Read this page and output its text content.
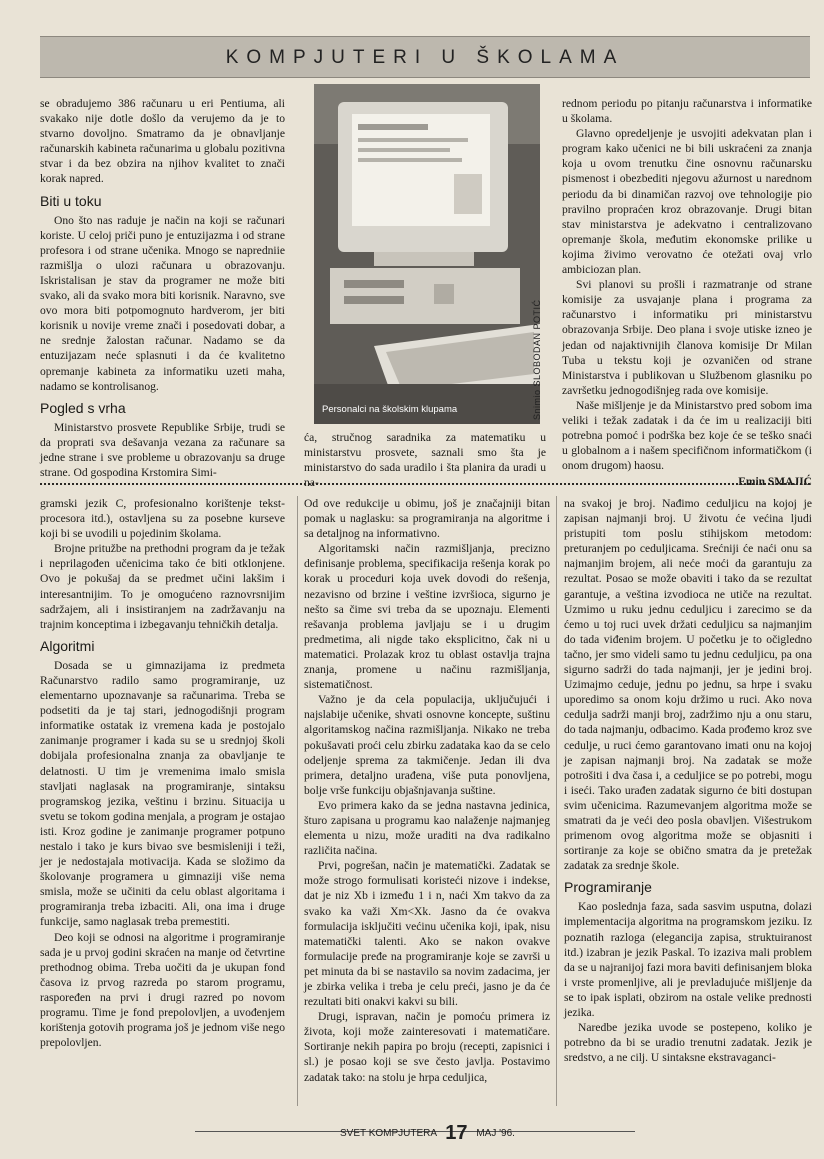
KOMPJUTERI U ŠKOLAMA

se obradujemo 386 računaru u eri Pentiuma, ali svakako nije dotle došlo da verujemo da je to stvarno dovoljno. Smatramo da je obnavljanje računarskih kabineta računarima u globalu pozitivna stvar i da bez obzira na njihov kvalitet to znači korak napred.

Biti u toku

Ono što nas raduje je način na koji se računari koriste. U celoj priči puno je entuzijazma i od strane profesora i od strane učenika. Mnogo se napredniie razmišlja o ulozi računara u obrazovanju. Iskristalisan je stav da programer ne može biti svako, ali da svako mora biti korisnik. Naravno, sve ovo mora biti potpomognuto hardverom, jer biti korisnik u novije vreme znači i posedovati dobar, a ne srednje žalostan računar. Nadamo se da entuzijazam neće splasnuti i da će kvalitetno opremanje kabineta za informatiku uzeti maha, nadamo se kontrolisanog.

Pogled s vrha

Ministarstvo prosvete Republike Srbije, trudi se da proprati sva dešavanja vezana za računare sa jedne strane i sve probleme u obrazovanju sa druge strane. Od gospodina Krstomira Simi-

Personalci na školskim klupama	Snimio SLOBODAN POTIĆ

ća, stručnog saradnika za matematiku u ministarstvu prosvete, saznali smo šta je ministarstvo do sada uradilo i šta planira da uradi u na-

rednom periodu po pitanju računarstva i informatike u školama.

Glavno opredeljenje je usvojiti adekvatan plan i program kako učenici ne bi bili uskraćeni za znanja koja u ovom trenutku čine osnovnu računarsku pismenost i obezbediti njegovu ažurnost u narednom periodu da bi dinamičan razvoj ove tehnologije pio pravilno propraćen kroz obrazovanje. Drugi bitan stav ministarstva je adekvatno i centralizovano opremanje škola, međutim ekonomske prilike u kojima živimo verovatno će otežati ovaj vrlo ambiciozan plan.

Svi planovi su prošli i razmatranje od strane komisije za usvajanje plana i programa za računarstvo i informatiku pri ministarstvu obrazovanja Srbije. Deo plana i svoje utiske izneo je jedan od najaktivnijih članova komisije Dr Milan Tuba u tekstu koji je ozvaničen od strane Ministarstva i publikovan u Službenom glasniku po završetku jednogodišnjeg rada ove komisije.

Naše mišljenje je da Ministarstvo pred sobom ima veliki i težak zadatak i da će im u realizaciji biti potrebna pomoć i podrška bez koje će se teško snaći u globalnom a i našem specifičnom informatičkom (i onom drugom) haosu.

Emin SMAJIĆ

gramski jezik C, profesionalno korištenje tekst-procesora itd.), ostavljena su za posebne kurseve koji bi se uvodili u pojedinim školama.

Brojne pritužbe na prethodni program da je težak i neprilagođen učenicima tako će biti otklonjene. Ovo je pokušaj da se predmet učini lakšim i interesantnijim. To je omogućeno raznovrsnijim sadržajem, ali i insistiranjem na zadržavanju na trajnim konceptima i izbegavanju tehničkih detalja.

Algoritmi

Dosada se u gimnazijama iz predmeta Računarstvo radilo samo programiranje, uz elementarno upoznavanje sa računarima. Treba se podsetiti da je taj stari, jednogodišnji program informatike ostatak iz vremena kada je postojalo zanimanje programer i kada su se u srednjoj školi dobijala profesionalna znanja za obavljanje te delatnosti. U tim je vremenima imalo smisla stavljati naglasak na programiranje, sintaksu programskog jezika, veštinu i brzinu. Situacija u svetu se tokom godina menjala, a program je ostajao isti. Kroz godine je zanimanje programer potpuno nestalo i tako je kurs bivao sve besmisleniji i teži, jer je nedostajala motivacija. Kada se složimo da školovanje programera u gimnaziji više nema smisla, može se učiniti da celu oblast algoritama i programiranja treba izbaciti. Ali, ona ima i druge funkcije, samo naglasak treba premestiti.

Deo koji se odnosi na algoritme i programiranje sada je u prvoj godini skraćen na manje od četvrtine prethodnog obima. Treba uočiti da je ukupan fond časova iz prvog razreda po starom programu, raspoređen na prvi i drugi razred po novom programu. Time je fond prepolovljen, a uvođenjem korištenja gotovih programa još je jednom više nego prepolovljen.

Od ove redukcije u obimu, još je značajniji bitan pomak u naglasku: sa programiranja na algoritme i sa detaljnog na informativno.

Algoritamski način razmišljanja, precizno definisanje problema, specifikacija rešenja korak po korak u proceduri koja uvek dovodi do rešenja, nezavisno od brzine i veštine izvršioca, sigurno je nešto sa čime svi treba da se upoznaju. Elementi rešavanja problema javljaju se i u drugim predmetima, ali nigde tako eksplicitno, čak ni u matematici. Prolazak kroz tu oblast ostavlja trajna znanja, promene u načinu razmišljanja, sistematičnost.

Važno je da cela populacija, uključujući i najslabije učenike, shvati osnovne koncepte, suštinu algoritamskog načina razmišljanja. Nikako ne treba pokušavati proći celu zbirku zadataka kao da se celo odeljenje sprema za takmičenje. Jedan ili dva primera, detaljno urađena, više puta ponovljena, bolje vrše funkciju objašnjavanja suštine.

Evo primera kako da se jedna nastavna jedinica, šturo zapisana u programu kao nalaženje najmanjeg elementa u nizu, može uraditi na dva radikalno različita načina.

Prvi, pogrešan, način je matematički. Zadatak se može strogo formulisati koristeći nizove i indekse, dat je niz Xb i između 1 i n, naći Xm takvo da za svako ka važi Xm<Xk. Jasno da će ovakva formulacija isključiti većinu učenika koji, ipak, nisu matematički talenti. Ako se nakon ovakve formulacije pređe na programiranje koje se završi u pet minuta da bi se nastavilo sa novim zadacima, jer je zbirka velika i treba je celu preći, jasno je da će rezultati biti onakvi kakvi su bili.

Drugi, ispravan, način je pomoću primera iz života, koji može zainteresovati i matematičare. Sortiranje nekih papira po broju (recepti, zapisnici i sl.) je posao koji se sve često javlja. Postavimo zadatak tako: na stolu je hrpa cedulјica,

na svakoj je broj. Nađimo ceduljicu na kojoj je zapisan najmanji broj. U životu će većina ljudi pristupiti tom poslu stihijskom metodom: preturanjem po ceduljicama. Srećniji će naći onu sa najmanjim brojem, ali neće moći da garantuju za rezultat. Posao se može obaviti i tako da se rezultat garantuje, a veština izvodioca ne utiče na rezultat. Uzmimo u ruku jednu ceduljicu i zarecimo se da ćemo u toj ruci uvek držati ceduljicu sa najmanjim do tada viđenim brojem. U početku je to očigledno tačno, jer smo videli samo tu jednu ceduljicu, pa ona sigurno sadrži do tada najmanji, jer je jedini broj. Uzimajmo ceduje, jednu po jednu, sa hrpe i svaku uporedimo sa onom koju držimo u ruci. Ako nova cedulja sadrži manji broj, zadržimo nju a onu staru, do tada najmanju, odbacimo. Kada prođemo kroz sve cedulje, u ruci ćemo garantovano imati onu na kojoj je zapisan najmanji broj. Na zadatak se može potrošiti i dva časa i, a ceduljice se po potrebi, mogu i iseći. Tako urađen zadatak sigurno će biti dostupan svim učenicima. Razumevanjem algoritma može se smatrati da je veći deo posla obavljen. Višestrukom primenom ovog algoritma može se objasniti i sortiranje za koje se obično smatra da je pretežak zadatak za srednje škole.

Programiranje

Kao poslednja faza, sada sasvim usputna, dolazi implementacija algoritma na programskom jeziku. Iz poznatih razloga (elegancija zapisa, struktuiranost itd.) izabran je jezik Paskal. To izaziva mali problem da se u najranijoj fazi mora baviti definisanjem bloka i vrste promenljive, ali je prevladujuće mišljenje da se to ipak isplati, obzirom na ostale velike prednosti jezika.

Naredbe jezika uvode se postepeno, koliko je potrebno da bi se uradio trenutni zadatak. Jezik je sredstvo, a ne cilj. U sintaksne ekstravaganci-

SVET KOMPJUTERA 17 MAJ '96.
